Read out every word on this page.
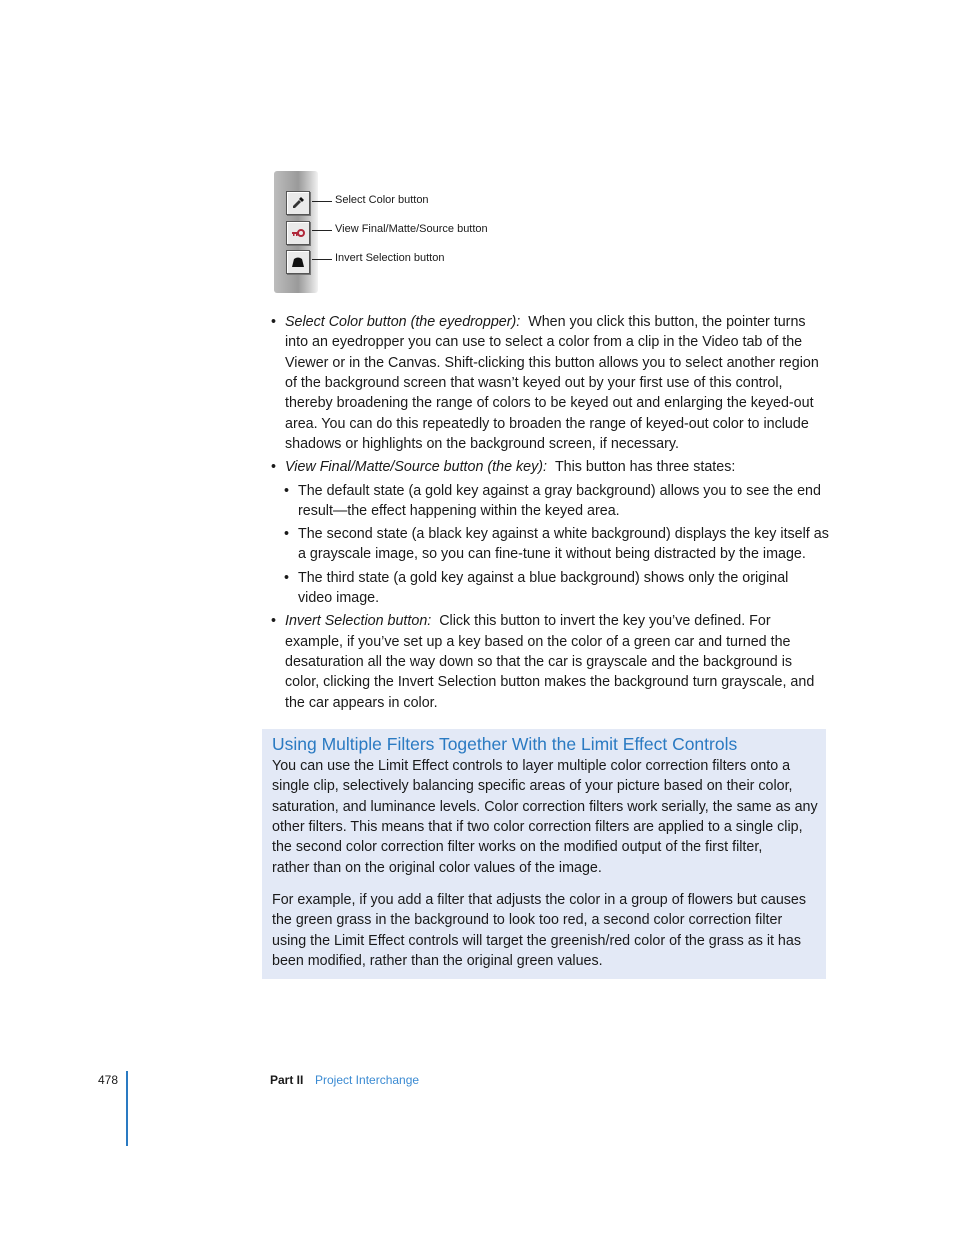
Select Color button
View Final/Matte/Source button
Invert Selection button
• Select Color button (the eyedropper): When you click this button, the pointer turns
into an eyedropper you can use to select a color from a clip in the Video tab of the
Viewer or in the Canvas. Shift-clicking this button allows you to select another region
of the background screen that wasn’t keyed out by your first use of this control,
thereby broadening the range of colors to be keyed out and enlarging the keyed-out
area. You can do this repeatedly to broaden the range of keyed-out color to include
shadows or highlights on the background screen, if necessary.
• View Final/Matte/Source button (the key): This button has three states:
• The default state (a gold key against a gray background) allows you to see the end
result—the effect happening within the keyed area.
• The second state (a black key against a white background) displays the key itself as
a grayscale image, so you can fine-tune it without being distracted by the image.
• The third state (a gold key against a blue background) shows only the original
video image.
• Invert Selection button: Click this button to invert the key you’ve defined. For
example, if you’ve set up a key based on the color of a green car and turned the
desaturation all the way down so that the car is grayscale and the background is
color, clicking the Invert Selection button makes the background turn grayscale, and
the car appears in color.
Using Multiple Filters Together With the Limit Effect Controls
You can use the Limit Effect controls to layer multiple color correction filters onto a
single clip, selectively balancing specific areas of your picture based on their color,
saturation, and luminance levels. Color correction filters work serially, the same as any
other filters. This means that if two color correction filters are applied to a single clip,
the second color correction filter works on the modified output of the first filter,
rather than on the original color values of the image.
For example, if you add a filter that adjusts the color in a group of flowers but causes
the green grass in the background to look too red, a second color correction filter
using the Limit Effect controls will target the greenish/red color of the grass as it has
been modified, rather than the original green values.
478	Part II Project Interchange
